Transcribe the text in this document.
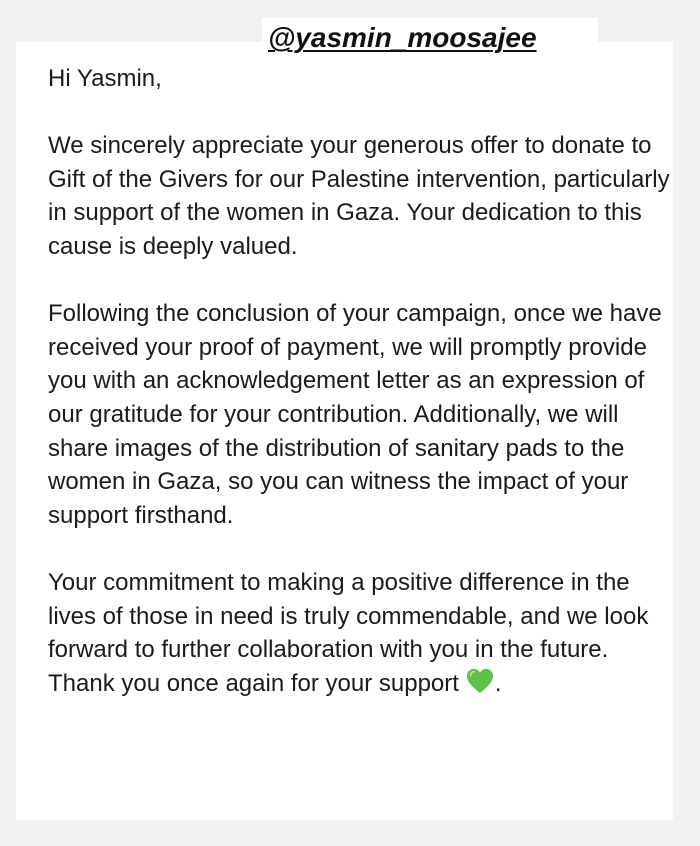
@yasmin_moosajee

Hi Yasmin,

We sincerely appreciate your generous offer to donate to Gift of the Givers for our Palestine intervention, particularly in support of the women in Gaza. Your dedication to this cause is deeply valued.

Following the conclusion of your campaign, once we have received your proof of payment, we will promptly provide you with an acknowledgement letter as an expression of our gratitude for your contribution. Additionally, we will share images of the distribution of sanitary pads to the women in Gaza, so you can witness the impact of your support firsthand.

Your commitment to making a positive difference in the lives of those in need is truly commendable, and we look forward to further collaboration with you in the future. Thank you once again for your support .
